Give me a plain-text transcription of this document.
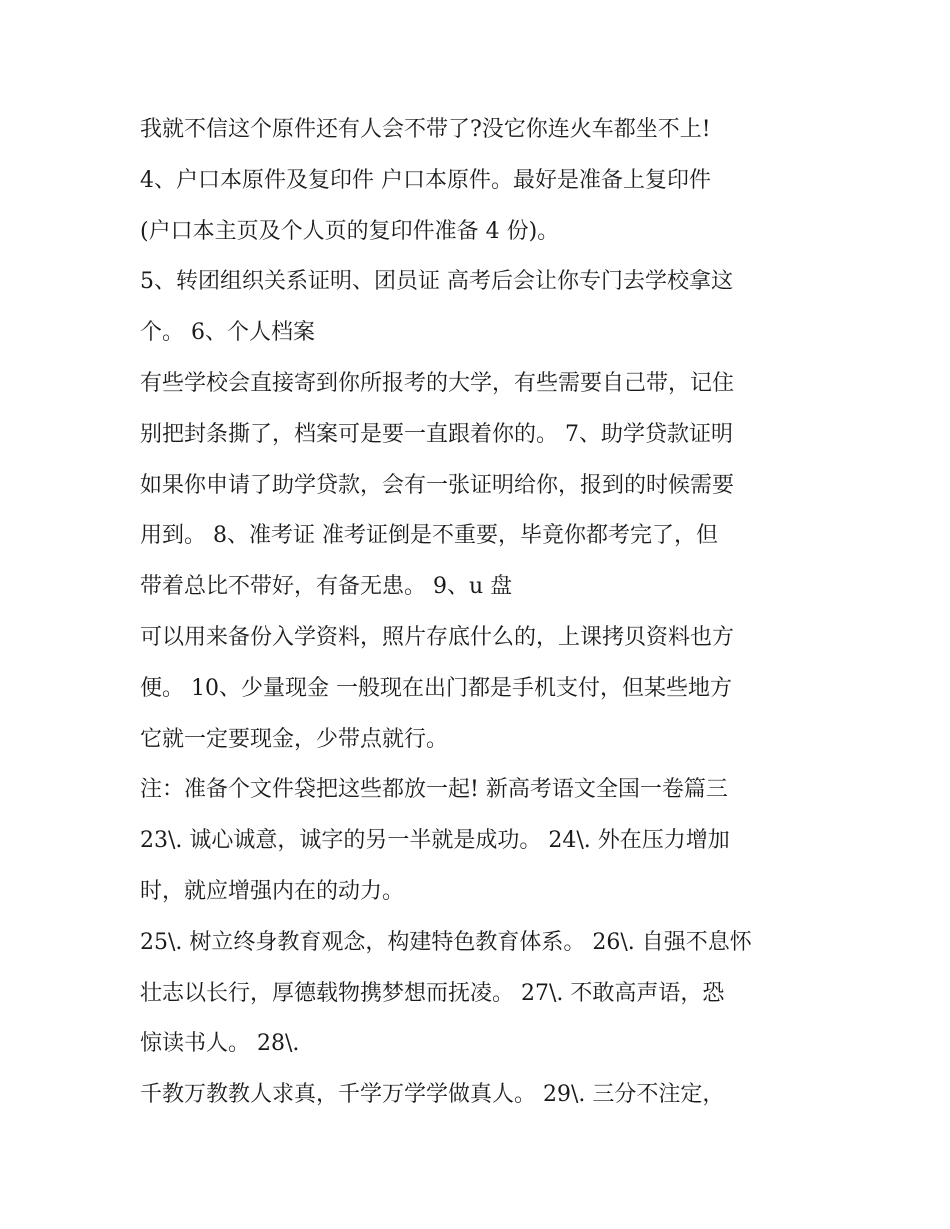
我就不信这个原件还有人会不带了?没它你连火车都坐不上!
4、户口本原件及复印件 户口本原件。最好是准备上复印件
(户口本主页及个人页的复印件准备 4 份)。
5、转团组织关系证明、团员证 高考后会让你专门去学校拿这
个。 6、个人档案
有些学校会直接寄到你所报考的大学，有些需要自己带，记住
别把封条撕了，档案可是要一直跟着你的。 7、助学贷款证明
如果你申请了助学贷款，会有一张证明给你，报到的时候需要
用到。 8、准考证 准考证倒是不重要，毕竟你都考完了，但
带着总比不带好，有备无患。 9、u 盘
可以用来备份入学资料，照片存底什么的，上课拷贝资料也方
便。 10、少量现金 一般现在出门都是手机支付，但某些地方
它就一定要现金，少带点就行。
注：准备个文件袋把这些都放一起! 新高考语文全国一卷篇三
23\. 诚心诚意，诚字的另一半就是成功。 24\. 外在压力增加
时，就应增强内在的动力。
25\. 树立终身教育观念，构建特色教育体系。 26\. 自强不息怀
壮志以长行，厚德载物携梦想而抚凌。 27\. 不敢高声语，恐
惊读书人。 28\.
千教万教教人求真，千学万学学做真人。 29\. 三分不注定，
